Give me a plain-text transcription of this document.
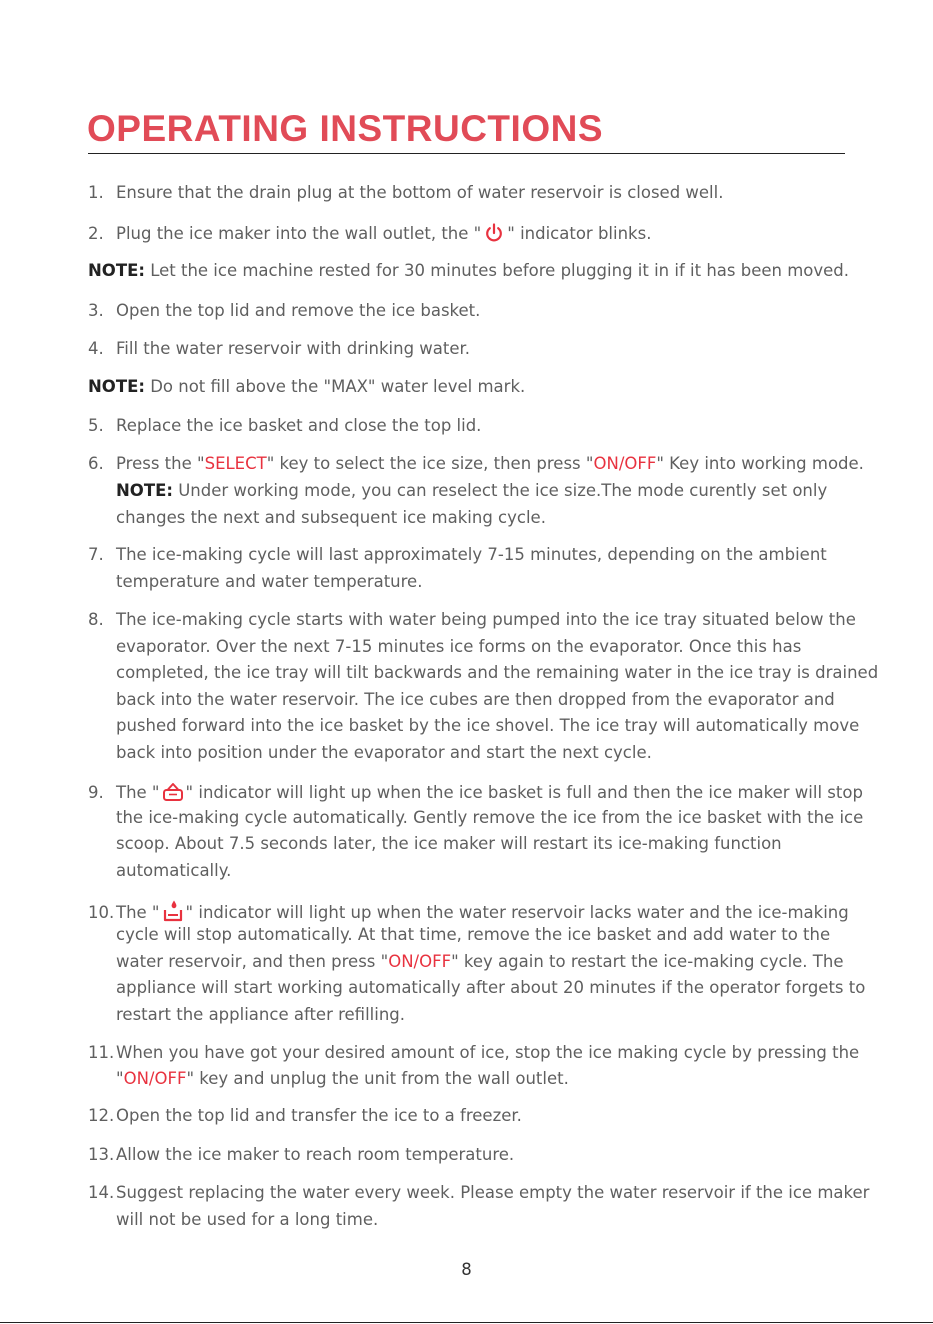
OPERATING INSTRUCTIONS
1. Ensure that the drain plug at the bottom of water reservoir is closed well.
2. Plug the ice maker into the wall outlet, the " " indicator blinks.
NOTE: Let the ice machine rested for 30 minutes before plugging it in if it has been moved.
3. Open the top lid and remove the ice basket.
4. Fill the water reservoir with drinking water.
NOTE: Do not fill above the "MAX" water level mark.
5. Replace the ice basket and close the top lid.
6. Press the "SELECT" key to select the ice size, then press "ON/OFF" Key into working mode.
NOTE: Under working mode, you can reselect the ice size.The mode curently set only
changes the next and subsequent ice making cycle.
7. The ice-making cycle will last approximately 7-15 minutes, depending on the ambient
temperature and water temperature.
8. The ice-making cycle starts with water being pumped into the ice tray situated below the
evaporator. Over the next 7-15 minutes ice forms on the evaporator. Once this has
completed, the ice tray will tilt backwards and the remaining water in the ice tray is drained
back into the water reservoir. The ice cubes are then dropped from the evaporator and
pushed forward into the ice basket by the ice shovel. The ice tray will automatically move
back into position under the evaporator and start the next cycle.
9. The " " indicator will light up when the ice basket is full and then the ice maker will stop
the ice-making cycle automatically. Gently remove the ice from the ice basket with the ice
scoop. About 7.5 seconds later, the ice maker will restart its ice-making function
automatically.
10. The " " indicator will light up when the water reservoir lacks water and the ice-making
cycle will stop automatically. At that time, remove the ice basket and add water to the
water reservoir, and then press "ON/OFF" key again to restart the ice-making cycle. The
appliance will start working automatically after about 20 minutes if the operator forgets to
restart the appliance after refilling.
11. When you have got your desired amount of ice, stop the ice making cycle by pressing the
"ON/OFF" key and unplug the unit from the wall outlet.
12. Open the top lid and transfer the ice to a freezer.
13. Allow the ice maker to reach room temperature.
14. Suggest replacing the water every week. Please empty the water reservoir if the ice maker
will not be used for a long time.
8
